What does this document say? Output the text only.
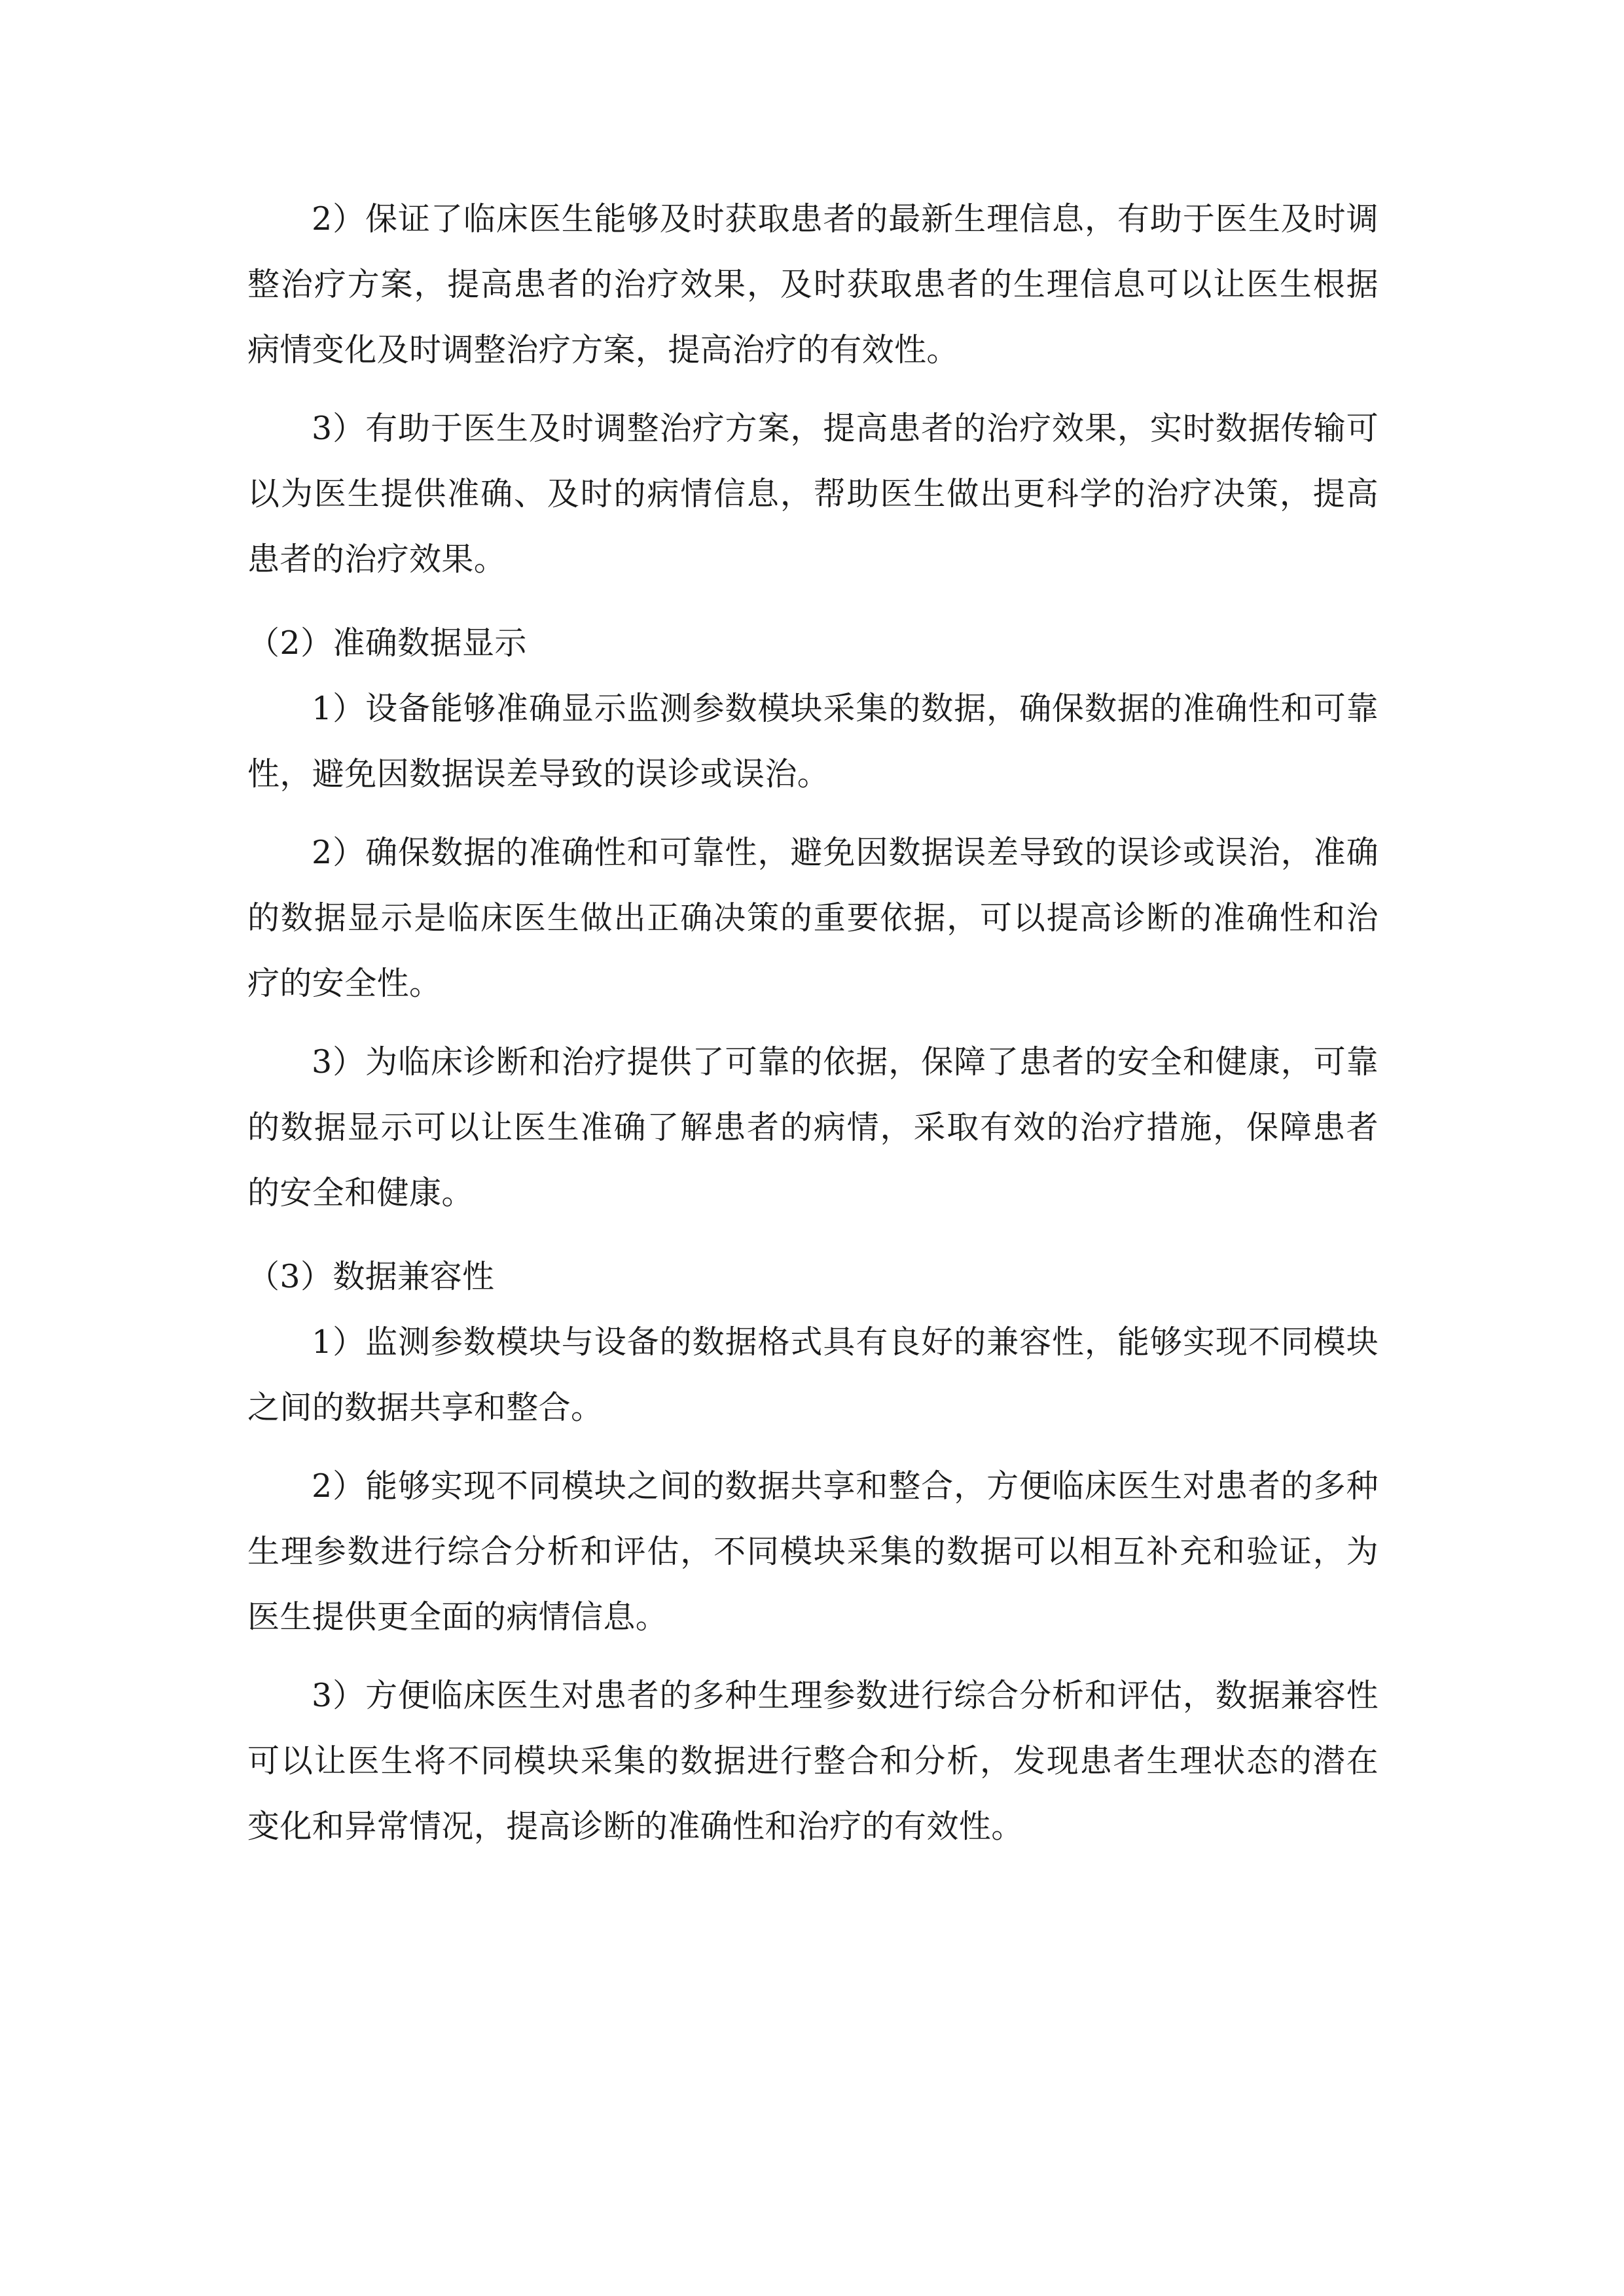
2）保证了临床医生能够及时获取患者的最新生理信息，有助于医生及时调整治疗方案，提高患者的治疗效果，及时获取患者的生理信息可以让医生根据病情变化及时调整治疗方案，提高治疗的有效性。

3）有助于医生及时调整治疗方案，提高患者的治疗效果，实时数据传输可以为医生提供准确、及时的病情信息，帮助医生做出更科学的治疗决策，提高患者的治疗效果。

（2）准确数据显示

1）设备能够准确显示监测参数模块采集的数据，确保数据的准确性和可靠性，避免因数据误差导致的误诊或误治。

2）确保数据的准确性和可靠性，避免因数据误差导致的误诊或误治，准确的数据显示是临床医生做出正确决策的重要依据，可以提高诊断的准确性和治疗的安全性。

3）为临床诊断和治疗提供了可靠的依据，保障了患者的安全和健康，可靠的数据显示可以让医生准确了解患者的病情，采取有效的治疗措施，保障患者的安全和健康。

（3）数据兼容性

1）监测参数模块与设备的数据格式具有良好的兼容性，能够实现不同模块之间的数据共享和整合。

2）能够实现不同模块之间的数据共享和整合，方便临床医生对患者的多种生理参数进行综合分析和评估，不同模块采集的数据可以相互补充和验证，为医生提供更全面的病情信息。

3）方便临床医生对患者的多种生理参数进行综合分析和评估，数据兼容性可以让医生将不同模块采集的数据进行整合和分析，发现患者生理状态的潜在变化和异常情况，提高诊断的准确性和治疗的有效性。
